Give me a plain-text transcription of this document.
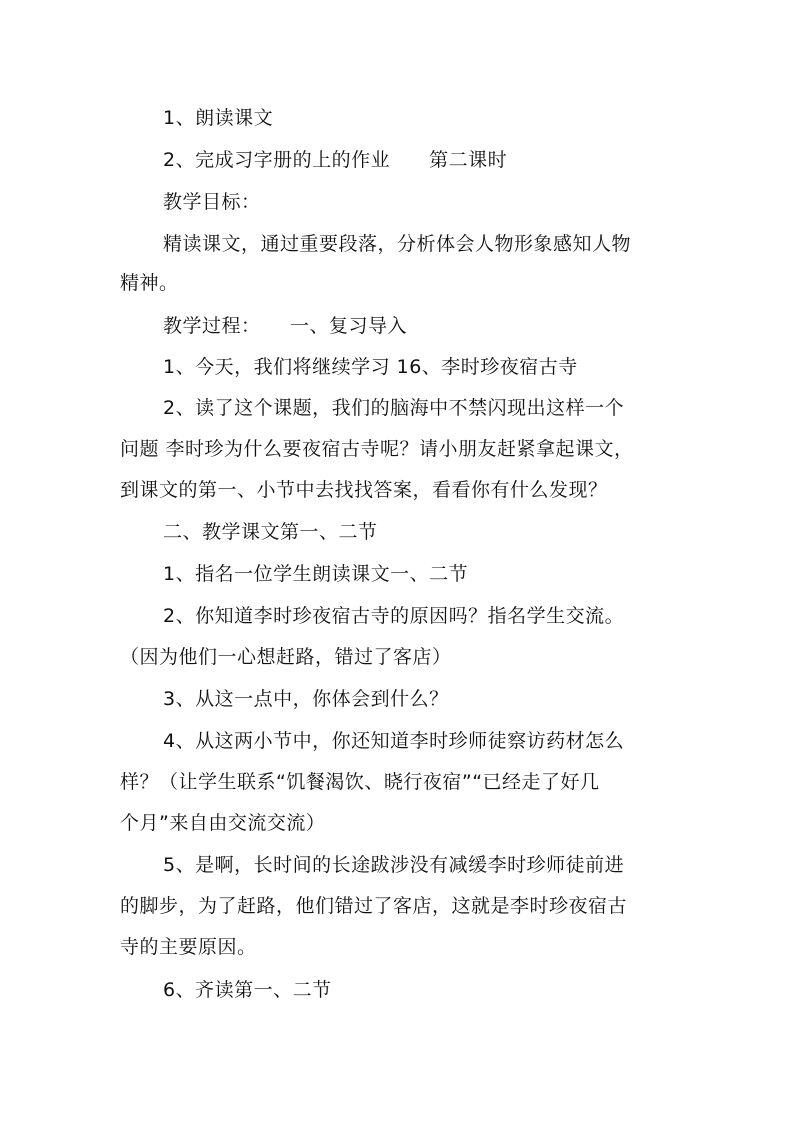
1、朗读课文
2、完成习字册的上的作业　　第二课时
教学目标：
精读课文，通过重要段落，分析体会人物形象感知人物
精神。
教学过程：　　一、复习导入
1、今天，我们将继续学习 16、李时珍夜宿古寺
2、读了这个课题，我们的脑海中不禁闪现出这样一个
问题 李时珍为什么要夜宿古寺呢？请小朋友赶紧拿起课文，
到课文的第一、小节中去找找答案，看看你有什么发现？
二、教学课文第一、二节
1、指名一位学生朗读课文一、二节
2、你知道李时珍夜宿古寺的原因吗？指名学生交流。
（因为他们一心想赶路，错过了客店）
3、从这一点中，你体会到什么？
4、从这两小节中，你还知道李时珍师徒察访药材怎么
样？（让学生联系“饥餐渴饮、晓行夜宿”“已经走了好几
个月”来自由交流交流）
5、是啊，长时间的长途跋涉没有减缓李时珍师徒前进
的脚步，为了赶路，他们错过了客店，这就是李时珍夜宿古
寺的主要原因。
6、齐读第一、二节
